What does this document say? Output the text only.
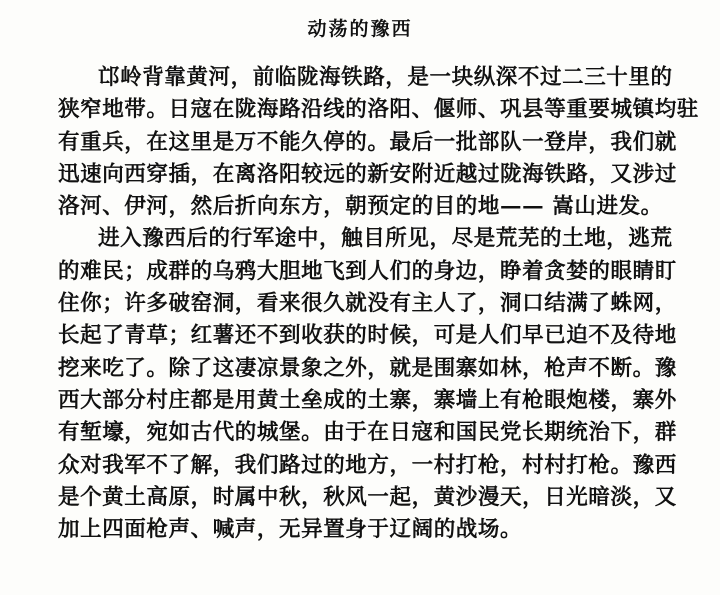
动荡的豫西
邙岭背靠黄河，前临陇海铁路，是一块纵深不过二三十里的
狭窄地带。日寇在陇海路沿线的洛阳、偃师、巩县等重要城镇均驻
有重兵，在这里是万不能久停的。最后一批部队一登岸，我们就
迅速向西穿插，在离洛阳较远的新安附近越过陇海铁路，又涉过
洛河、伊河，然后折向东方，朝预定的目的地—— 嵩山进发。
进入豫西后的行军途中，触目所见，尽是荒芜的土地，逃荒
的难民；成群的乌鸦大胆地飞到人们的身边，睁着贪婪的眼睛盯
住你；许多破窑洞，看来很久就没有主人了，洞口结满了蛛网，
长起了青草；红薯还不到收获的时候，可是人们早已迫不及待地
挖来吃了。除了这凄凉景象之外，就是围寨如林，枪声不断。豫
西大部分村庄都是用黄土垒成的土寨，寨墙上有枪眼炮楼，寨外
有堑壕，宛如古代的城堡。由于在日寇和国民党长期统治下，群
众对我军不了解，我们路过的地方，一村打枪，村村打枪。豫西
是个黄土高原，时属中秋，秋风一起，黄沙漫天，日光暗淡，又
加上四面枪声、喊声，无异置身于辽阔的战场。
